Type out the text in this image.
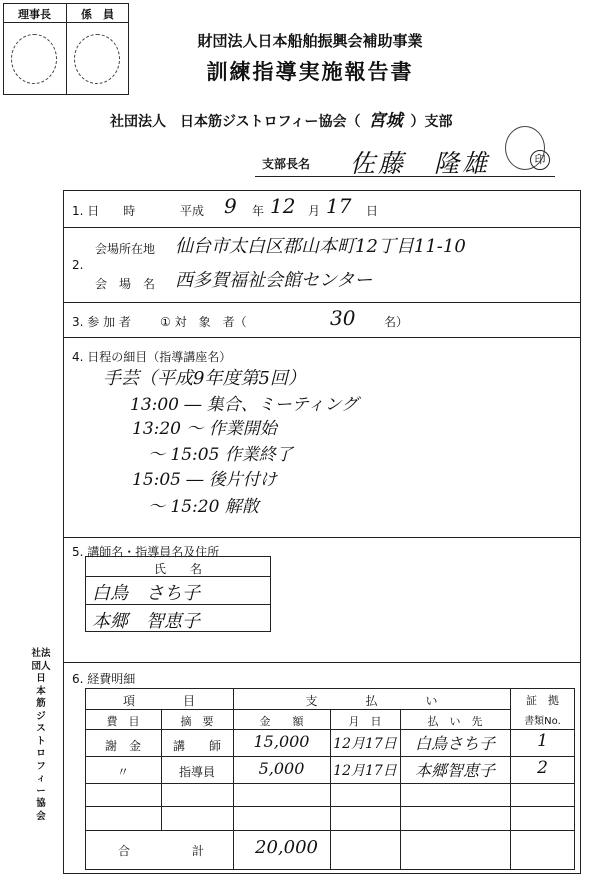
理事長	係　員
財団法人日本船舶振興会補助事業
訓練指導実施報告書
社団法人　日本筋ジストロフィー協会（ 宮城 ）支部
支部長名 佐藤　隆雄	印
1. 日　　時	平成 9 年 12 月 17 日
2.
会場所在地 仙台市太白区郡山本町12丁目11-10
会　場　名 西多賀福祉会館センター
3. 参 加 者 ① 対　象　者（	30 名）
4. 日程の細目（指導講座名）
手芸（平成9年度第5回）
13:00 ― 集合、ミーティング
13:20 〜 作業開始
〜 15:05 作業終了
15:05 ― 後片付け
〜 15:20 解散
5. 講師名・指導員名及住所
氏　　名
白鳥　さち子
本郷　智恵子
6. 経費明細
項　　　　目	支　　　　払　　　　い	証　拠
書類No.
費　目	摘　要	金　　額	月　日	払　い　先
謝　金	講　　師	15,000	12月17日	白鳥さち子	1
〃	指導員	5,000	12月17日	本郷智恵子	2
合	計	20,000
社法
団人
日
本
筋
ジ
ス
ト
ロ
フ
ィ
ー
協
会
